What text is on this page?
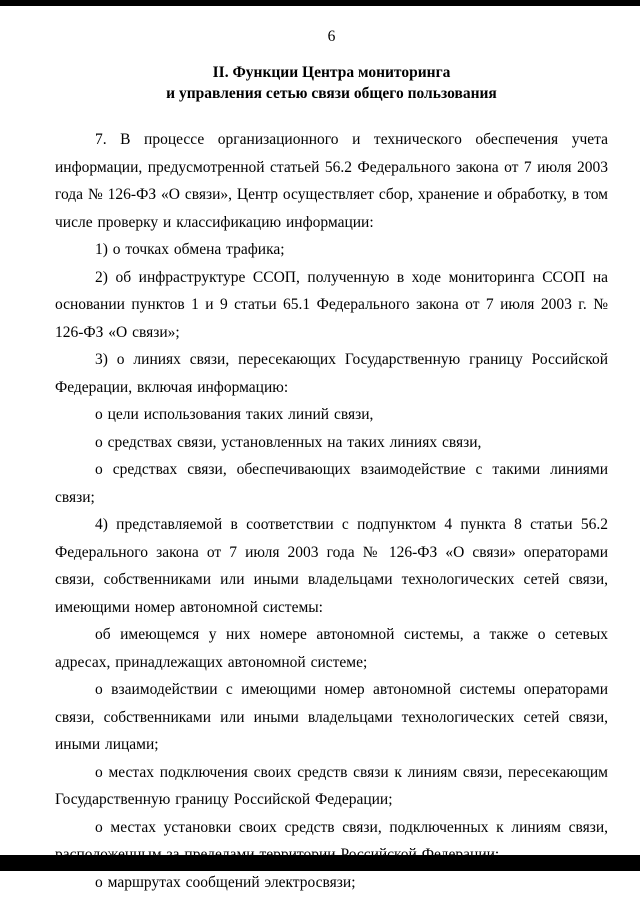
6

II. Функции Центра мониторинга
и управления сетью связи общего пользования

7. В процессе организационного и технического обеспечения учета информации, предусмотренной статьей 56.2 Федерального закона от 7 июля 2003 года № 126-ФЗ «О связи», Центр осуществляет сбор, хранение и обработку, в том числе проверку и классификацию информации:

1) о точках обмена трафика;

2) об инфраструктуре ССОП, полученную в ходе мониторинга ССОП на основании пунктов 1 и 9 статьи 65.1 Федерального закона от 7 июля 2003 г. № 126-ФЗ «О связи»;

3) о линиях связи, пересекающих Государственную границу Российской Федерации, включая информацию:

о цели использования таких линий связи,

о средствах связи, установленных на таких линиях связи,

о средствах связи, обеспечивающих взаимодействие с такими линиями связи;

4) представляемой в соответствии с подпунктом 4 пункта 8 статьи 56.2 Федерального закона от 7 июля 2003 года № 126-ФЗ «О связи» операторами связи, собственниками или иными владельцами технологических сетей связи, имеющими номер автономной системы:

об имеющемся у них номере автономной системы, а также о сетевых адресах, принадлежащих автономной системе;

о взаимодействии с имеющими номер автономной системы операторами связи, собственниками или иными владельцами технологических сетей связи, иными лицами;

о местах подключения своих средств связи к линиям связи, пересекающим Государственную границу Российской Федерации;

о местах установки своих средств связи, подключенных к линиям связи,

о маршрутах сообщений электросвязи;
